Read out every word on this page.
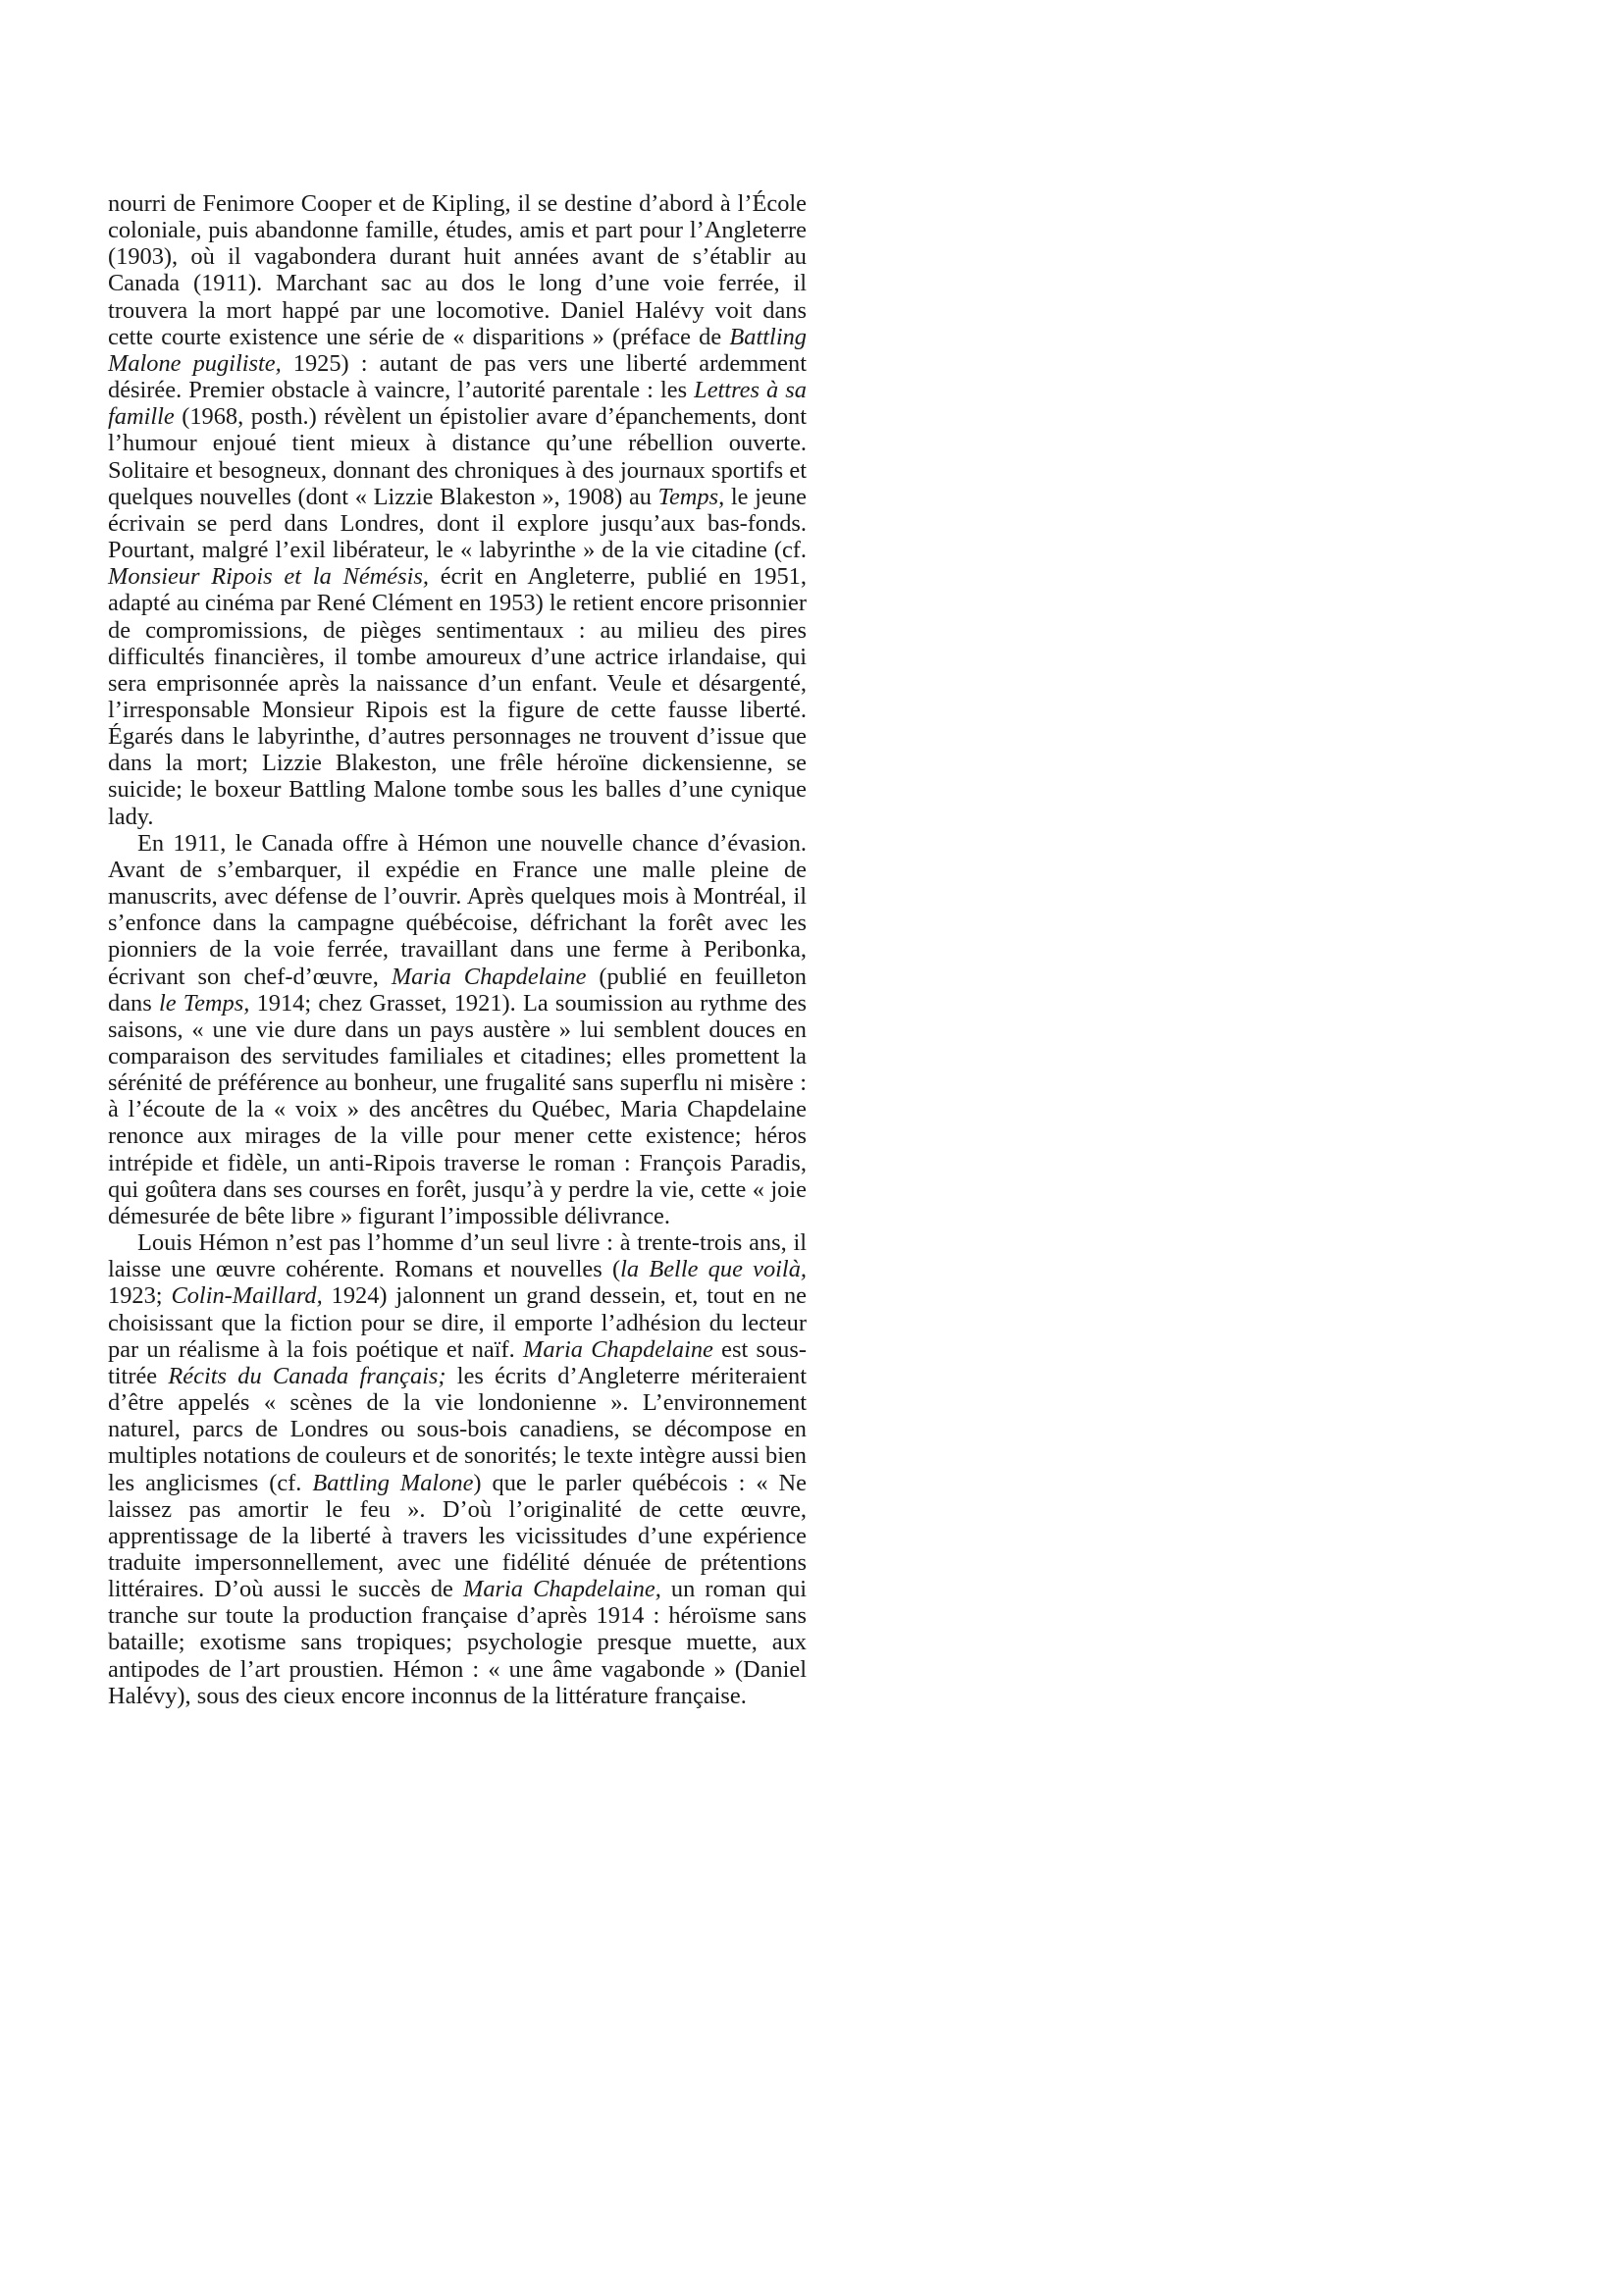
nourri de Fenimore Cooper et de Kipling, il se destine d’abord à l’École coloniale, puis abandonne famille, études, amis et part pour l’Angleterre (1903), où il vagabondera durant huit années avant de s’établir au Canada (1911). Marchant sac au dos le long d’une voie ferrée, il trouvera la mort happé par une locomotive. Daniel Halévy voit dans cette courte existence une série de « disparitions » (préface de Battling Malone pugiliste, 1925) : autant de pas vers une liberté ardemment désirée. Premier obstacle à vaincre, l’autorité parentale : les Lettres à sa famille (1968, posth.) révèlent un épistolier avare d’épanchements, dont l’humour enjoué tient mieux à distance qu’une rébellion ouverte. Solitaire et besogneux, donnant des chroniques à des journaux sportifs et quelques nouvelles (dont « Lizzie Blakeston », 1908) au Temps, le jeune écrivain se perd dans Londres, dont il explore jusqu’aux bas-fonds. Pourtant, malgré l’exil libérateur, le « labyrinthe » de la vie citadine (cf. Monsieur Ripois et la Némésis, écrit en Angleterre, publié en 1951, adapté au cinéma par René Clément en 1953) le retient encore prisonnier de compromissions, de pièges sentimentaux : au milieu des pires difficultés financières, il tombe amoureux d’une actrice irlandaise, qui sera emprisonnée après la naissance d’un enfant. Veule et désargenté, l’irresponsable Monsieur Ripois est la figure de cette fausse liberté. Égarés dans le labyrinthe, d’autres personnages ne trouvent d’issue que dans la mort; Lizzie Blakeston, une frêle héroïne dickensienne, se suicide; le boxeur Battling Malone tombe sous les balles d’une cynique lady.

En 1911, le Canada offre à Hémon une nouvelle chance d’évasion. Avant de s’embarquer, il expédie en France une malle pleine de manuscrits, avec défense de l’ouvrir. Après quelques mois à Montréal, il s’enfonce dans la campagne québécoise, défrichant la forêt avec les pionniers de la voie ferrée, travaillant dans une ferme à Peribonka, écrivant son chef-d’œuvre, Maria Chapdelaine (publié en feuilleton dans le Temps, 1914; chez Grasset, 1921). La soumission au rythme des saisons, « une vie dure dans un pays austère » lui semblent douces en comparaison des servitudes familiales et citadines; elles promettent la sérénité de préférence au bonheur, une frugalité sans superflu ni misère : à l’écoute de la « voix » des ancêtres du Québec, Maria Chapdelaine renonce aux mirages de la ville pour mener cette existence; héros intrépide et fidèle, un anti-Ripois traverse le roman : François Paradis, qui goûtera dans ses courses en forêt, jusqu’à y perdre la vie, cette « joie démesurée de bête libre » figurant l’impossible délivrance.

Louis Hémon n’est pas l’homme d’un seul livre : à trente-trois ans, il laisse une œuvre cohérente. Romans et nouvelles (la Belle que voilà, 1923; Colin-Maillard, 1924) jalonnent un grand dessein, et, tout en ne choisissant que la fiction pour se dire, il emporte l’adhésion du lecteur par un réalisme à la fois poétique et naïf. Maria Chapdelaine est sous-titrée Récits du Canada français; les écrits d’Angleterre mériteraient d’être appelés « scènes de la vie londonienne ». L’environnement naturel, parcs de Londres ou sous-bois canadiens, se décompose en multiples notations de couleurs et de sonorités; le texte intègre aussi bien les anglicismes (cf. Battling Malone) que le parler québécois : « Ne laissez pas amortir le feu ». D’où l’originalité de cette œuvre, apprentissage de la liberté à travers les vicissitudes d’une expérience traduite impersonnellement, avec une fidélité dénuée de prétentions littéraires. D’où aussi le succès de Maria Chapdelaine, un roman qui tranche sur toute la production française d’après 1914 : héroïsme sans bataille; exotisme sans tropiques; psychologie presque muette, aux antipodes de l’art proustien. Hémon : « une âme vagabonde » (Daniel Halévy), sous des cieux encore inconnus de la littérature française.
